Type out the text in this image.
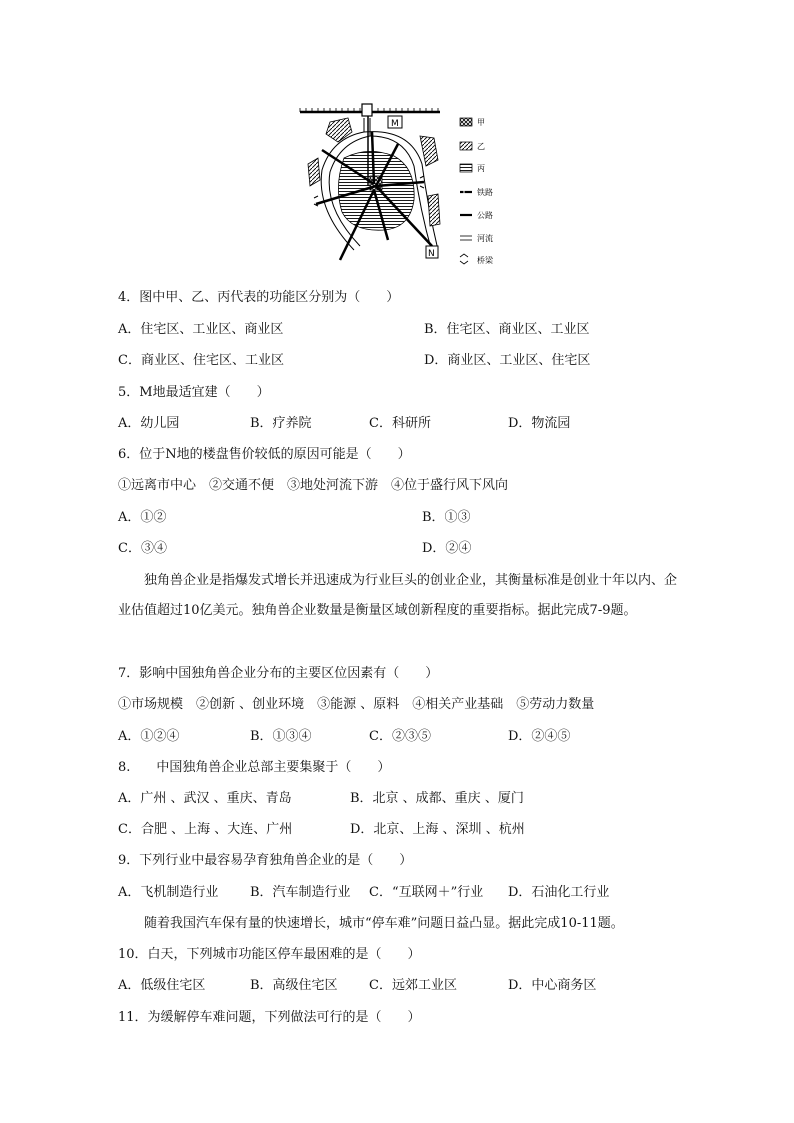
M
N
甲
乙
丙
铁路
公路
河流
桥梁
4．图中甲、乙、丙代表的功能区分别为（　　）
A．住宅区、工业区、商业区	B．住宅区、商业区、工业区
C．商业区、住宅区、工业区	D．商业区、工业区、住宅区
5．M地最适宜建（　　）
A．幼儿园	B．疗养院	C．科研所	D．物流园
6．位于N地的楼盘售价较低的原因可能是（　　）
①远离市中心　②交通不便　③地处河流下游　④位于盛行风下风向
A．①②	B．①③
C．③④	D．②④
独角兽企业是指爆发式增长并迅速成为行业巨头的创业企业，其衡量标准是创业十年以内、企业估值超过10亿美元。独角兽企业数量是衡量区域创新程度的重要指标。据此完成7-9题。
7．影响中国独角兽企业分布的主要区位因素有（　　）
①市场规模　②创新 、创业环境　③能源 、原料　④相关产业基础　⑤劳动力数量
A．①②④	B．①③④	C．②③⑤	D．②④⑤
8.　　中国独角兽企业总部主要集聚于（　　）
A．广州 、武汉 、重庆、青岛	B．北京 、成都、重庆 、厦门
C．合肥 、上海 、大连、广州	D．北京、上海 、深圳 、杭州
9．下列行业中最容易孕育独角兽企业的是（　　）
A．飞机制造行业 B．汽车制造行业 C．“互联网＋”行业 D．石油化工行业
随着我国汽车保有量的快速增长，城市“停车难”问题日益凸显。据此完成10-11题。
10．白天，下列城市功能区停车最困难的是（　　）
A．低级住宅区	B．高级住宅区 C．远郊工业区	D．中心商务区
11．为缓解停车难问题，下列做法可行的是（　　）
